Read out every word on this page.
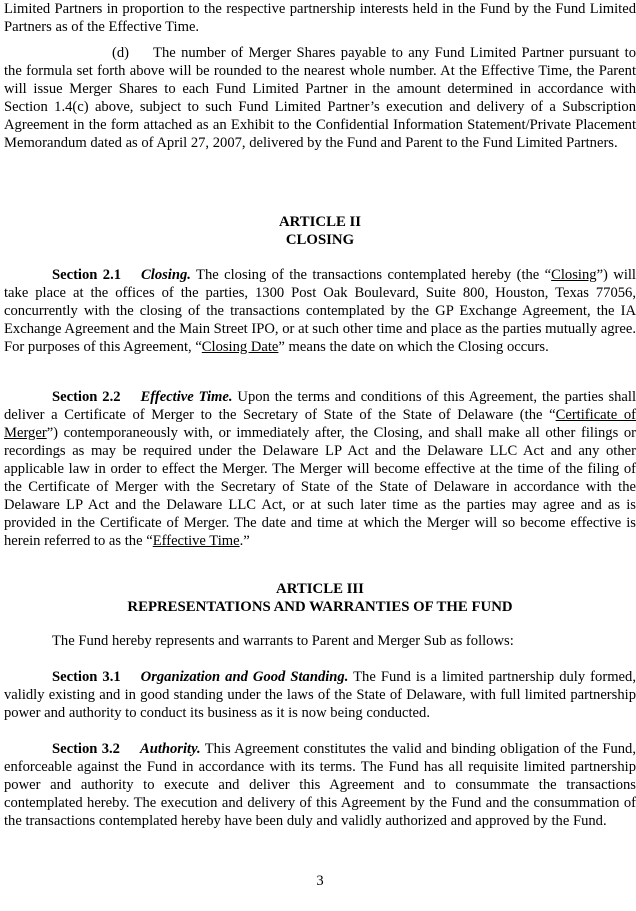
Limited Partners in proportion to the respective partnership interests held in the Fund by the Fund Limited Partners as of the Effective Time.

(d) The number of Merger Shares payable to any Fund Limited Partner pursuant to the formula set forth above will be rounded to the nearest whole number. At the Effective Time, the Parent will issue Merger Shares to each Fund Limited Partner in the amount determined in accordance with Section 1.4(c) above, subject to such Fund Limited Partner’s execution and delivery of a Subscription Agreement in the form attached as an Exhibit to the Confidential Information Statement/Private Placement Memorandum dated as of April 27, 2007, delivered by the Fund and Parent to the Fund Limited Partners.

ARTICLE II
CLOSING

Section 2.1 Closing. The closing of the transactions contemplated hereby (the “Closing”) will take place at the offices of the parties, 1300 Post Oak Boulevard, Suite 800, Houston, Texas 77056, concurrently with the closing of the transactions contemplated by the GP Exchange Agreement, the IA Exchange Agreement and the Main Street IPO, or at such other time and place as the parties mutually agree. For purposes of this Agreement, “Closing Date” means the date on which the Closing occurs.

Section 2.2 Effective Time. Upon the terms and conditions of this Agreement, the parties shall deliver a Certificate of Merger to the Secretary of State of the State of Delaware (the “Certificate of Merger”) contemporaneously with, or immediately after, the Closing, and shall make all other filings or recordings as may be required under the Delaware LP Act and the Delaware LLC Act and any other applicable law in order to effect the Merger. The Merger will become effective at the time of the filing of the Certificate of Merger with the Secretary of State of the State of Delaware in accordance with the Delaware LP Act and the Delaware LLC Act, or at such later time as the parties may agree and as is provided in the Certificate of Merger. The date and time at which the Merger will so become effective is herein referred to as the “Effective Time.”

ARTICLE III
REPRESENTATIONS AND WARRANTIES OF THE FUND

The Fund hereby represents and warrants to Parent and Merger Sub as follows:

Section 3.1 Organization and Good Standing. The Fund is a limited partnership duly formed, validly existing and in good standing under the laws of the State of Delaware, with full limited partnership power and authority to conduct its business as it is now being conducted.

Section 3.2 Authority. This Agreement constitutes the valid and binding obligation of the Fund, enforceable against the Fund in accordance with its terms. The Fund has all requisite limited partnership power and authority to execute and deliver this Agreement and to consummate the transactions contemplated hereby. The execution and delivery of this Agreement by the Fund and the consummation of the transactions contemplated hereby have been duly and validly authorized and approved by the Fund.

3
